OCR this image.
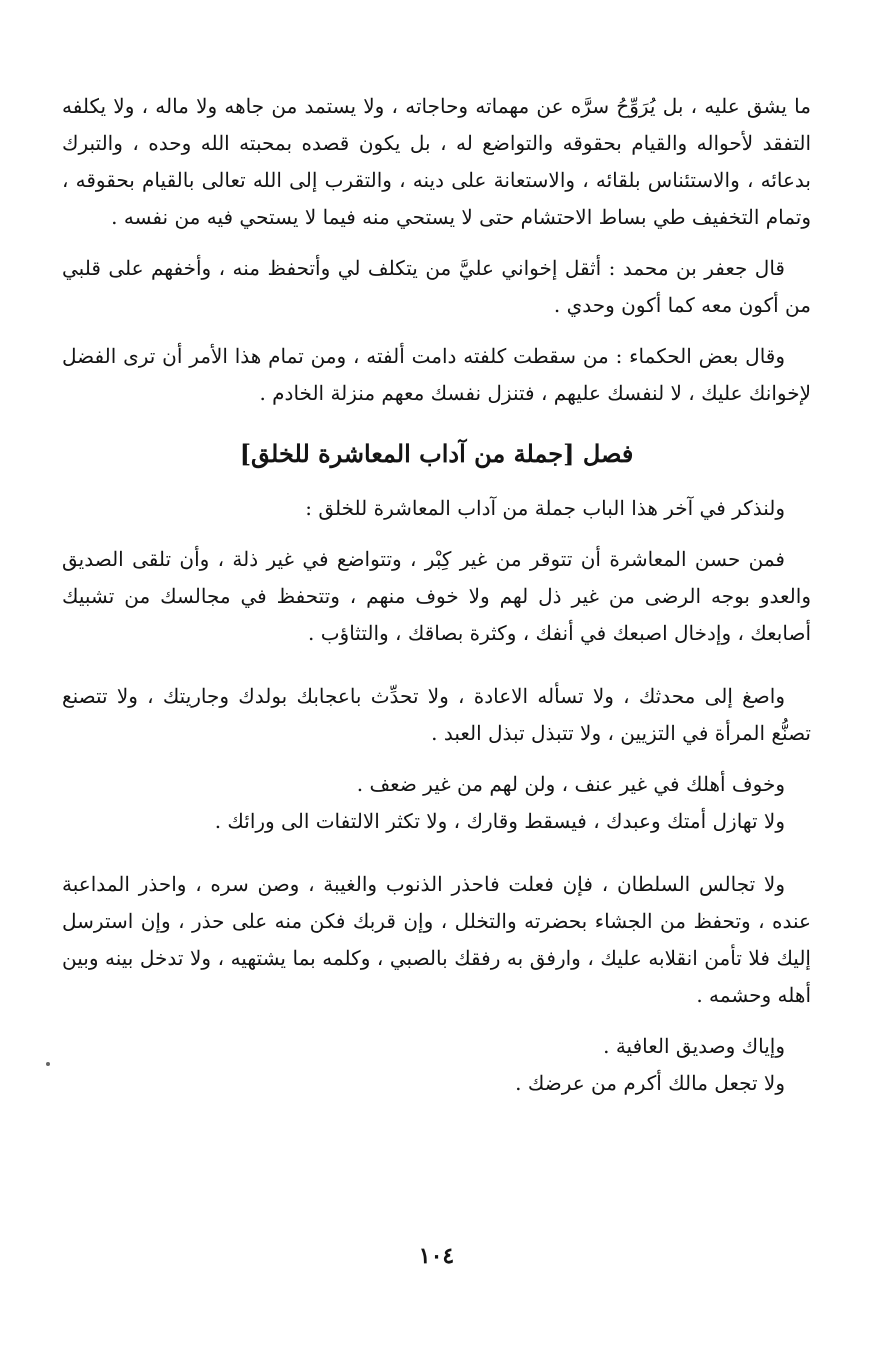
ما يشق عليه ، بل يُرَوِّحُ سرَّه عن مهماته وحاجاته ، ولا يستمد من جاهه ولا ماله ، ولا يكلفه التفقد لأحواله والقيام بحقوقه والتواضع له ، بل يكون قصده بمحبته الله وحده ، والتبرك بدعائه ، والاستئناس بلقائه ، والاستعانة على دينه ، والتقرب إلى الله تعالى بالقيام بحقوقه ، وتمام التخفيف طي بساط الاحتشام حتى لا يستحي منه فيما لا يستحي فيه من نفسه .

قال جعفر بن محمد : أثقل إخواني عليَّ من يتكلف لي وأتحفظ منه ، وأخفهم على قلبي من أكون معه كما أكون وحدي .

وقال بعض الحكماء : من سقطت كلفته دامت ألفته ، ومن تمام هذا الأمر أن ترى الفضل لإخوانك عليك ، لا لنفسك عليهم ، فتنزل نفسك معهم منزلة الخادم .

فصل [جملة من آداب المعاشرة للخلق]

ولنذكر في آخر هذا الباب جملة من آداب المعاشرة للخلق :

فمن حسن المعاشرة أن تتوقر من غير كِبْر ، وتتواضع في غير ذلة ، وأن تلقى الصديق والعدو بوجه الرضى من غير ذل لهم ولا خوف منهم ، وتتحفظ في مجالسك من تشبيك أصابعك ، وإدخال اصبعك في أنفك ، وكثرة بصاقك ، والتثاؤب .

واصغ إلى محدثك ، ولا تسأله الاعادة ، ولا تحدِّث باعجابك بولدك وجاريتك ، ولا تتصنع تصنُّع المرأة في التزيين ، ولا تتبذل تبذل العبد .

وخوف أهلك في غير عنف ، ولن لهم من غير ضعف .

ولا تهازل أمتك وعبدك ، فيسقط وقارك ، ولا تكثر الالتفات الى ورائك .

ولا تجالس السلطان ، فإن فعلت فاحذر الذنوب والغيبة ، وصن سره ، واحذر المداعبة عنده ، وتحفظ من الجشاء بحضرته والتخلل ، وإن قربك فكن منه على حذر ، وإن استرسل إليك فلا تأمن انقلابه عليك ، وارفق به رفقك بالصبي ، وكلمه بما يشتهيه ، ولا تدخل بينه وبين أهله وحشمه .

وإياك وصديق العافية .

ولا تجعل مالك أكرم من عرضك .

١٠٤
